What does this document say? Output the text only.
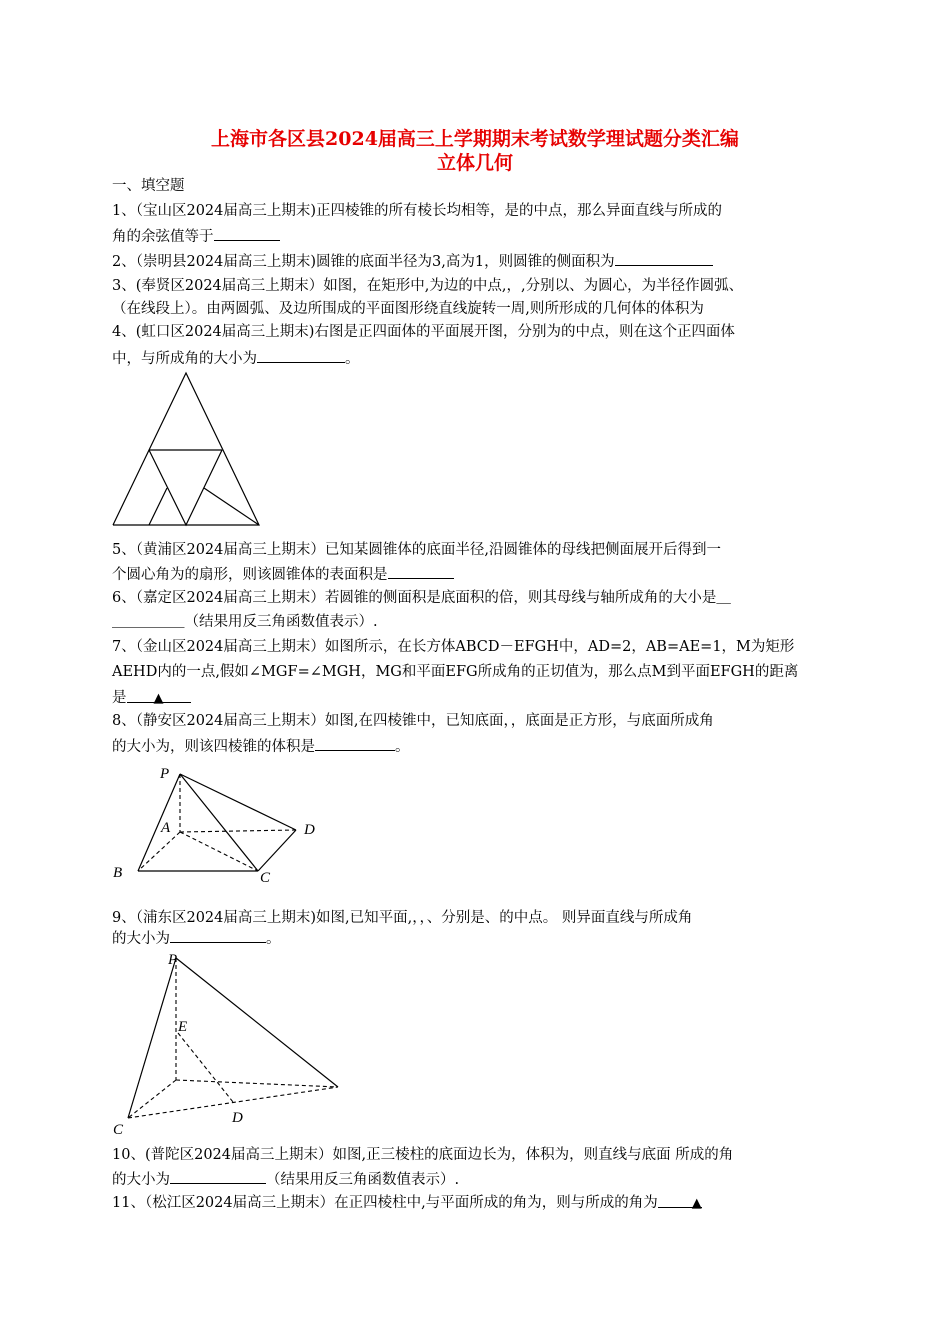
上海市各区县2024届高三上学期期末考试数学理试题分类汇编
立体几何
一、填空题
1、（宝山区2024届高三上期末)正四棱锥的所有棱长均相等，是的中点，那么异面直线与所成的
角的余弦值等于
2、（崇明县2024届高三上期末)圆锥的底面半径为3,高为1，则圆锥的侧面积为
3、(奉贤区2024届高三上期末）如图，在矩形中,为边的中点,，,分别以、为圆心，为半径作圆弧、
（在线段上）。由两圆弧、及边所围成的平面图形绕直线旋转一周,则所形成的几何体的体积为
4、(虹口区2024届高三上期末)右图是正四面体的平面展开图，分别为的中点，则在这个正四面体
中，与所成角的大小为	。
5、（黄浦区2024届高三上期末）已知某圆锥体的底面半径,沿圆锥体的母线把侧面展开后得到一
个圆心角为的扇形，则该圆锥体的表面积是
6、（嘉定区2024届高三上期末）若圆锥的侧面积是底面积的倍，则其母线与轴所成角的大小是＿
＿＿＿＿＿（结果用反三角函数值表示）.
7、（金山区2024届高三上期末）如图所示，在长方体ABCD－EFGH中，AD=2，AB=AE=1，M为矩形
AEHD内的一点,假如∠MGF=∠MGH，MG和平面EFG所成角的正切值为，那么点M到平面EFGH的距离
是 ▲
8、（静安区2024届高三上期末）如图,在四棱锥中，已知底面，，底面是正方形，与底面所成角
的大小为，则该四棱锥的体积是	。
P
A	D
B	C
9、（浦东区2024届高三上期末)如图,已知平面,，，、分别是、的中点。 则异面直线与所成角
的大小为	。
P
E
C
D
10、(普陀区2024届高三上期末）如图,正三棱柱的底面边长为，体积为，则直线与底面 所成的角
的大小为	（结果用反三角函数值表示）.
11、（松江区2024届高三上期末）在正四棱柱中,与平面所成的角为，则与所成的角为	▲
